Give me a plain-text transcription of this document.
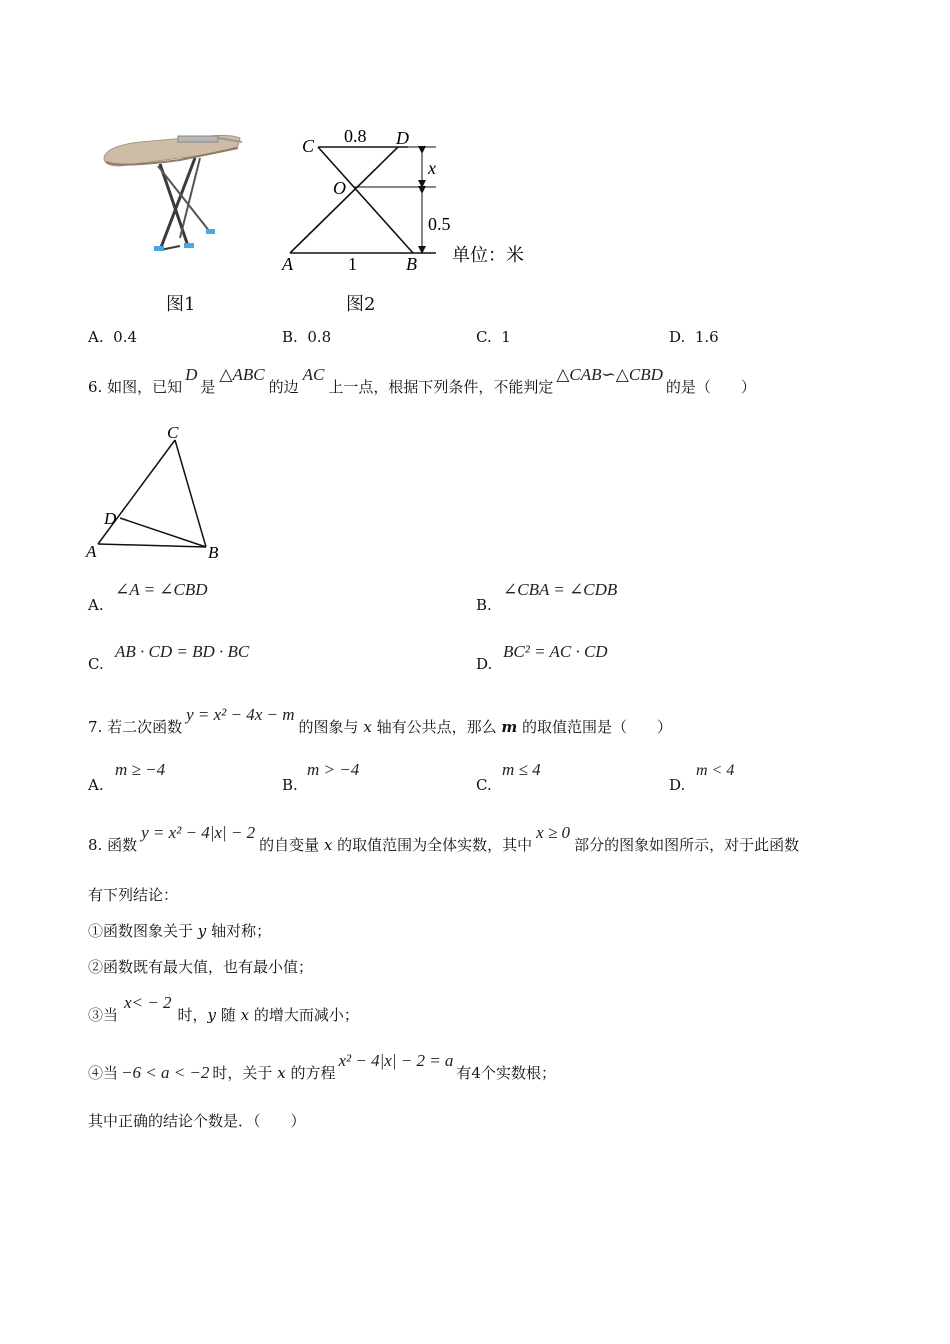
图1
C	D
O
A	B
0.8
1
x
0.5
单位：米
图2
A. 0.4	B. 0.8	C. 1	D. 1.6
6. 如图，已知D是△ABC的边AC上一点，根据下列条件，不能判定△CAB∽△CBD的是（　　）
C
D
A	B
A.
∠A = ∠CBD
B.
∠CBA = ∠CDB
C.
AB · CD = BD · BC
D.
BC² = AC · CD
7. 若二次函数y = x² − 4x − m的图象与 x 轴有公共点，那么 m 的取值范围是（　　）
A.
m ≥ −4
B.
m > −4
C.
m ≤ 4
D.
m < 4
8. 函数y = x² − 4|x| − 2的自变量 x 的取值范围为全体实数，其中x ≥ 0部分的图象如图所示，对于此函数
有下列结论：
①函数图象关于 y 轴对称；
②函数既有最大值，也有最小值；
③当x< − 2时，y 随 x 的增大而减小；
④当 −6 < a < −2 时，关于 x 的方程x² − 4|x| − 2 = a有4个实数根；
其中正确的结论个数是．（　　）
